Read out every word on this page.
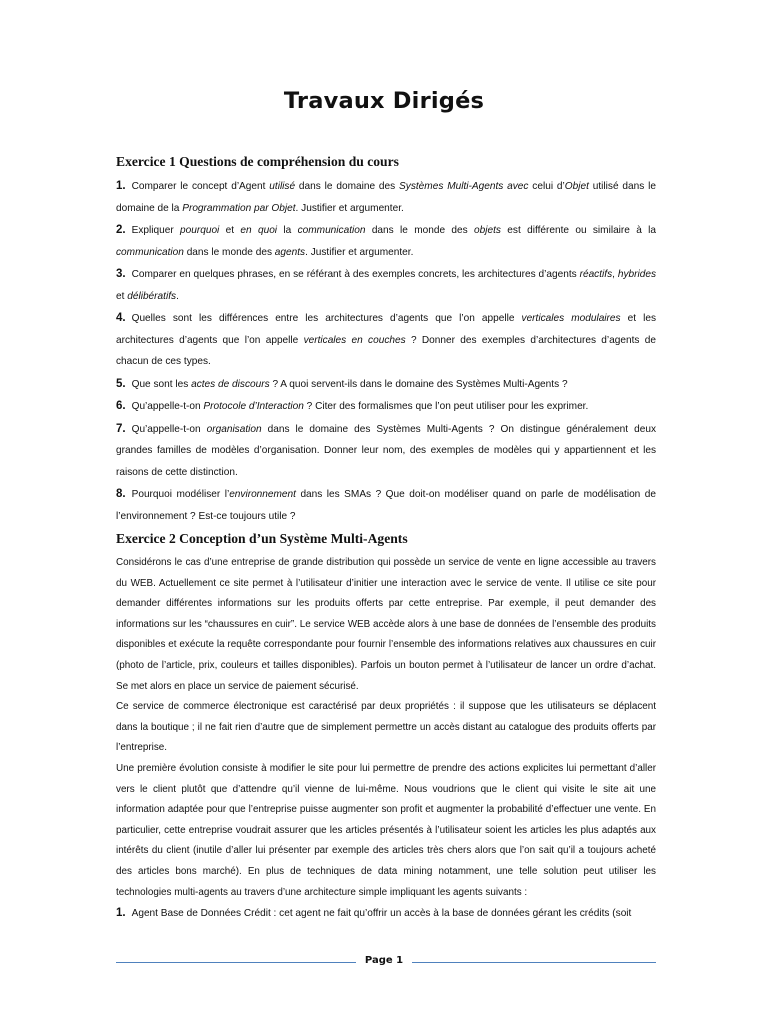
Travaux Dirigés
Exercice 1 Questions de compréhension du cours
1. Comparer le concept d’Agent utilisé dans le domaine des Systèmes Multi-Agents avec celui d’Objet utilisé dans le domaine de la Programmation par Objet. Justifier et argumenter.
2. Expliquer pourquoi et en quoi la communication dans le monde des objets est différente ou similaire à la communication dans le monde des agents. Justifier et argumenter.
3. Comparer en quelques phrases, en se référant à des exemples concrets, les architectures d’agents réactifs, hybrides et délibératifs.
4. Quelles sont les différences entre les architectures d’agents que l’on appelle verticales modulaires et les architectures d’agents que l’on appelle verticales en couches ? Donner des exemples d’architectures d’agents de chacun de ces types.
5. Que sont les actes de discours ? A quoi servent-ils dans le domaine des Systèmes Multi-Agents ?
6. Qu’appelle-t-on Protocole d’Interaction ? Citer des formalismes que l’on peut utiliser pour les exprimer.
7. Qu’appelle-t-on organisation dans le domaine des Systèmes Multi-Agents ? On distingue généralement deux grandes familles de modèles d’organisation. Donner leur nom, des exemples de modèles qui y appartiennent et les raisons de cette distinction.
8. Pourquoi modéliser l’environnement dans les SMAs ? Que doit-on modéliser quand on parle de modélisation de l’environnement ? Est-ce toujours utile ?
Exercice 2 Conception d’un Système Multi-Agents
Considérons le cas d’une entreprise de grande distribution qui possède un service de vente en ligne accessible au travers du WEB. Actuellement ce site permet à l’utilisateur d’initier une interaction avec le service de vente. Il utilise ce site pour demander différentes informations sur les produits offerts par cette entreprise. Par exemple, il peut demander des informations sur les “chaussures en cuir”. Le service WEB accède alors à une base de données de l’ensemble des produits disponibles et exécute la requête correspondante pour fournir l’ensemble des informations relatives aux chaussures en cuir (photo de l’article, prix, couleurs et tailles disponibles). Parfois un bouton permet à l’utilisateur de lancer un ordre d’achat. Se met alors en place un service de paiement sécurisé.
Ce service de commerce électronique est caractérisé par deux propriétés : il suppose que les utilisateurs se déplacent dans la boutique ; il ne fait rien d’autre que de simplement permettre un accès distant au catalogue des produits offerts par l’entreprise.
Une première évolution consiste à modifier le site pour lui permettre de prendre des actions explicites lui permettant d’aller vers le client plutôt que d’attendre qu’il vienne de lui-même. Nous voudrions que le client qui visite le site ait une information adaptée pour que l’entreprise puisse augmenter son profit et augmenter la probabilité d’effectuer une vente. En particulier, cette entreprise voudrait assurer que les articles présentés à l’utilisateur soient les articles les plus adaptés aux intérêts du client (inutile d’aller lui présenter par exemple des articles très chers alors que l’on sait qu’il a toujours acheté des articles bons marché). En plus de techniques de data mining notamment, une telle solution peut utiliser les technologies multi-agents au travers d’une architecture simple impliquant les agents suivants :
1. Agent Base de Données Crédit : cet agent ne fait qu’offrir un accès à la base de données gérant les crédits (soit
Page 1
